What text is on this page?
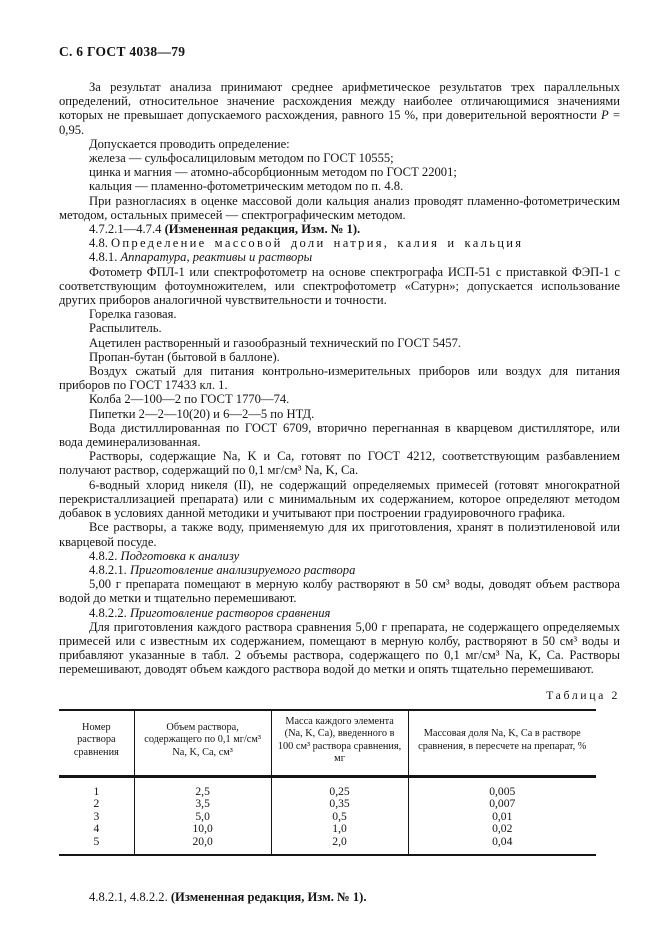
С. 6 ГОСТ 4038—79

За результат анализа принимают среднее арифметическое результатов трех параллельных определений, относительное значение расхождения между наиболее отличающимися значениями которых не превышает допускаемого расхождения, равного 15 %, при доверительной вероятности Р = 0,95.

Допускается проводить определение:

железа — сульфосалициловым методом по ГОСТ 10555;

цинка и магния — атомно-абсорбционным методом по ГОСТ 22001;

кальция — пламенно-фотометрическим методом по п. 4.8.

При разногласиях в оценке массовой доли кальция анализ проводят пламенно-фотометрическим методом, остальных примесей — спектрографическим методом.

4.7.2.1—4.7.4 (Измененная редакция, Изм. № 1).

4.8. Определение массовой доли натрия, калия и кальция

4.8.1. Аппаратура, реактивы и растворы

Фотометр ФПЛ-1 или спектрофотометр на основе спектрографа ИСП-51 с приставкой ФЭП-1 с соответствующим фотоумножителем, или спектрофотометр «Сатурн»; допускается использование других приборов аналогичной чувствительности и точности.

Горелка газовая.

Распылитель.

Ацетилен растворенный и газообразный технический по ГОСТ 5457.

Пропан-бутан (бытовой в баллоне).

Воздух сжатый для питания контрольно-измерительных приборов или воздух для питания приборов по ГОСТ 17433 кл. 1.

Колба 2—100—2 по ГОСТ 1770—74.

Пипетки 2—2—10(20) и 6—2—5 по НТД.

Вода дистиллированная по ГОСТ 6709, вторично перегнанная в кварцевом дистилляторе, или вода деминерализованная.

Растворы, содержащие Na, K и Ca, готовят по ГОСТ 4212, соответствующим разбавлением получают раствор, содержащий по 0,1 мг/см³ Na, K, Ca.

6-водный хлорид никеля (II), не содержащий определяемых примесей (готовят многократной перекристаллизацией препарата) или с минимальным их содержанием, которое определяют методом добавок в условиях данной методики и учитывают при построении градуировочного графика.

Все растворы, а также воду, применяемую для их приготовления, хранят в полиэтиленовой или кварцевой посуде.

4.8.2. Подготовка к анализу

4.8.2.1. Приготовление анализируемого раствора

5,00 г препарата помещают в мерную колбу растворяют в 50 см³ воды, доводят объем раствора водой до метки и тщательно перемешивают.

4.8.2.2. Приготовление растворов сравнения

Для приготовления каждого раствора сравнения 5,00 г препарата, не содержащего определяемых примесей или с известным их содержанием, помещают в мерную колбу, растворяют в 50 см³ воды и прибавляют указанные в табл. 2 объемы раствора, содержащего по 0,1 мг/см³ Na, K, Ca. Растворы перемешивают, доводят объем каждого раствора водой до метки и опять тщательно перемешивают.

Таблица 2
Номер раствора сравнения	Объем раствора, содержащего по 0,1 мг/см³ Na, K, Ca, см³	Масса каждого элемента (Na, K, Ca), введенного в 100 см³ раствора сравнения, мг	Массовая доля Na, K, Ca в растворе сравнения, в пересчете на препарат, %
1	2,5	0,25	0,005
2	3,5	0,35	0,007
3	5,0	0,5	0,01
4	10,0	1,0	0,02
5	20,0	2,0	0,04

4.8.2.1, 4.8.2.2. (Измененная редакция, Изм. № 1).
